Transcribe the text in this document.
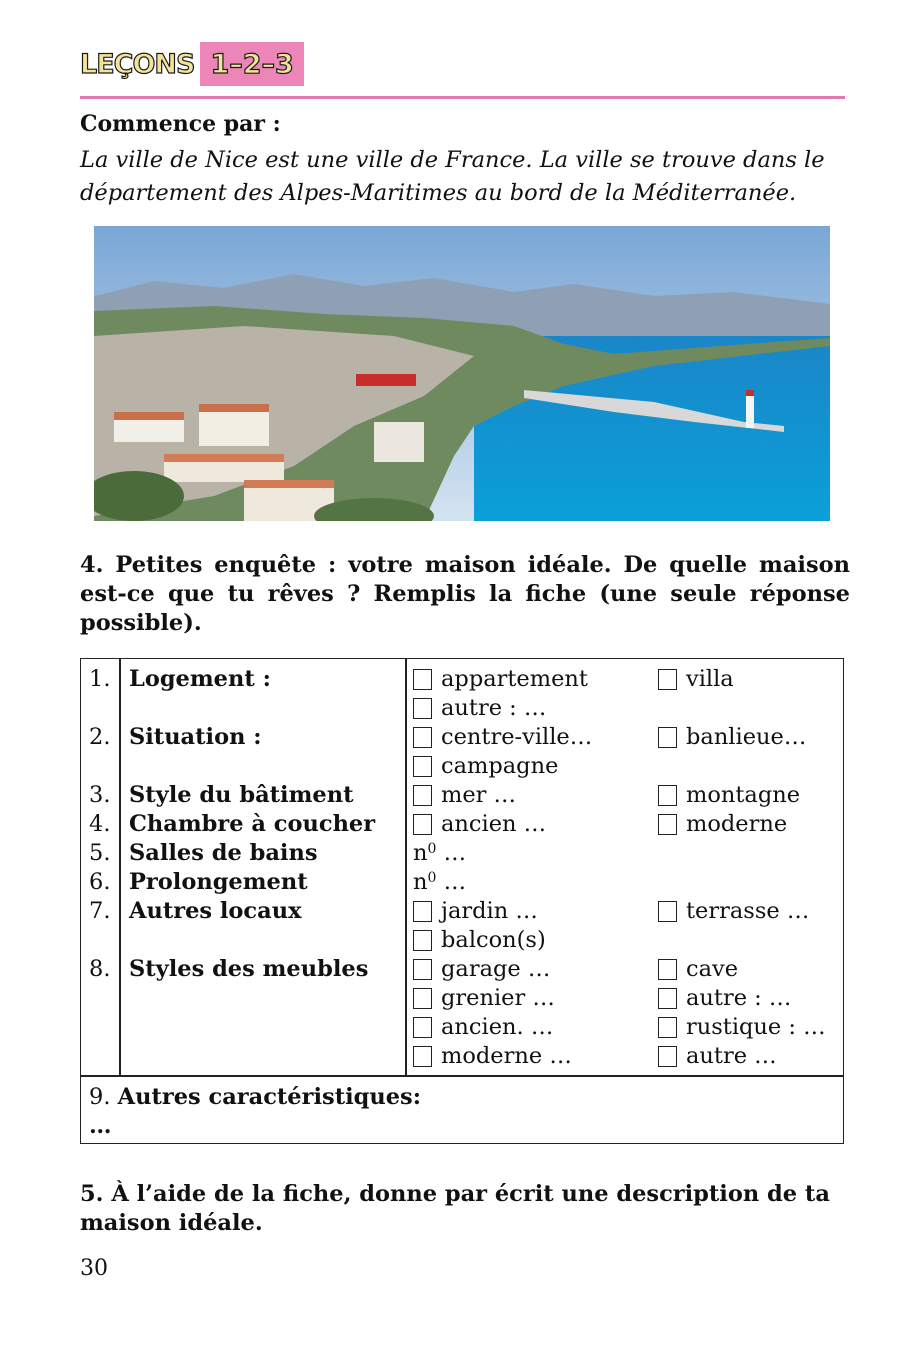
LEÇONS 1–2–3
Commence par :
La ville de Nice est une ville de France. La ville se trouve dans le département des Alpes-Maritimes au bord de la Méditerranée.
4. Petites enquête : votre maison idéale. De quelle maison est-ce que tu rêves ? Remplis la fiche (une seule réponse possible).
1. Logement :
2. Situation :
3. Style du bâtiment
4. Chambre à coucher
5. Salles de bains
6. Prolongement
7. Autres locaux
8. Styles des meubles
appartement
autre : …
centre-ville…
campagne
mer …
ancien …
$n^0$ …
$n^0$ …
jardin …
balcon(s)
garage …
grenier …
ancien. …
moderne …
villa
banlieue…
montagne
moderne
terrasse …
cave
autre : …
rustique : …
autre …
9. Autres caractéristiques:
…
5. À l’aide de la fiche, donne par écrit une description de ta maison idéale.
30
